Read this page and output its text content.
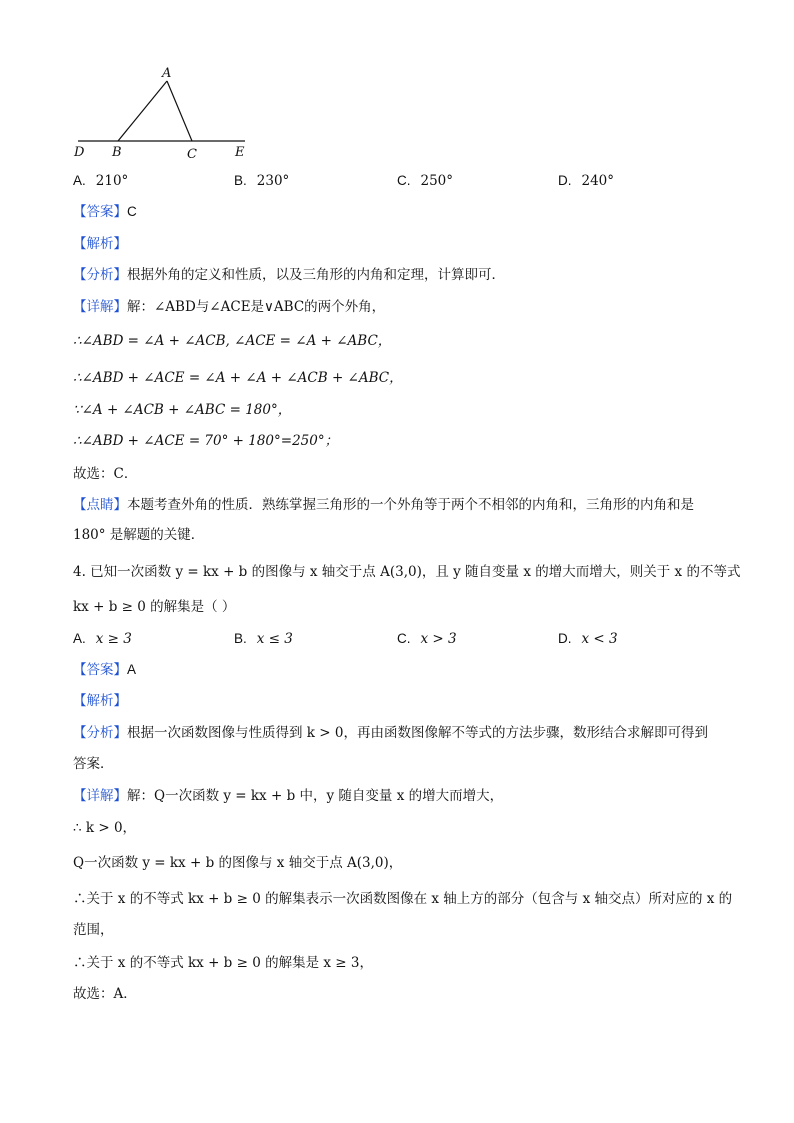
A
B	C
D	E
A. 210°	B. 230°	C. 250°	D. 240°
【答案】C
【解析】
【分析】根据外角的定义和性质，以及三角形的内角和定理，计算即可．
【详解】解：∠ABD与∠ACE是∨ABC的两个外角，
∴∠ABD = ∠A + ∠ACB, ∠ACE = ∠A + ∠ABC，
∴∠ABD + ∠ACE = ∠A + ∠A + ∠ACB + ∠ABC，
∵∠A + ∠ACB + ∠ABC = 180°，
∴∠ABD + ∠ACE = 70° + 180°=250°；
故选：C．
【点睛】本题考查外角的性质．熟练掌握三角形的一个外角等于两个不相邻的内角和，三角形的内角和是
180° 是解题的关键．
4. 已知一次函数 y = kx + b 的图像与 x 轴交于点 A(3,0)，且 y 随自变量 x 的增大而增大，则关于 x 的不等式
kx + b ≥ 0 的解集是（ ）
A. x ≥ 3	B. x ≤ 3	C. x > 3	D. x < 3
【答案】A
【解析】
【分析】根据一次函数图像与性质得到 k > 0，再由函数图像解不等式的方法步骤，数形结合求解即可得到
答案．
【详解】解：Q一次函数 y = kx + b 中，y 随自变量 x 的增大而增大，
∴ k > 0，
Q一次函数 y = kx + b 的图像与 x 轴交于点 A(3,0)，
∴关于 x 的不等式 kx + b ≥ 0 的解集表示一次函数图像在 x 轴上方的部分（包含与 x 轴交点）所对应的 x 的
范围，
∴关于 x 的不等式 kx + b ≥ 0 的解集是 x ≥ 3，
故选：A．
